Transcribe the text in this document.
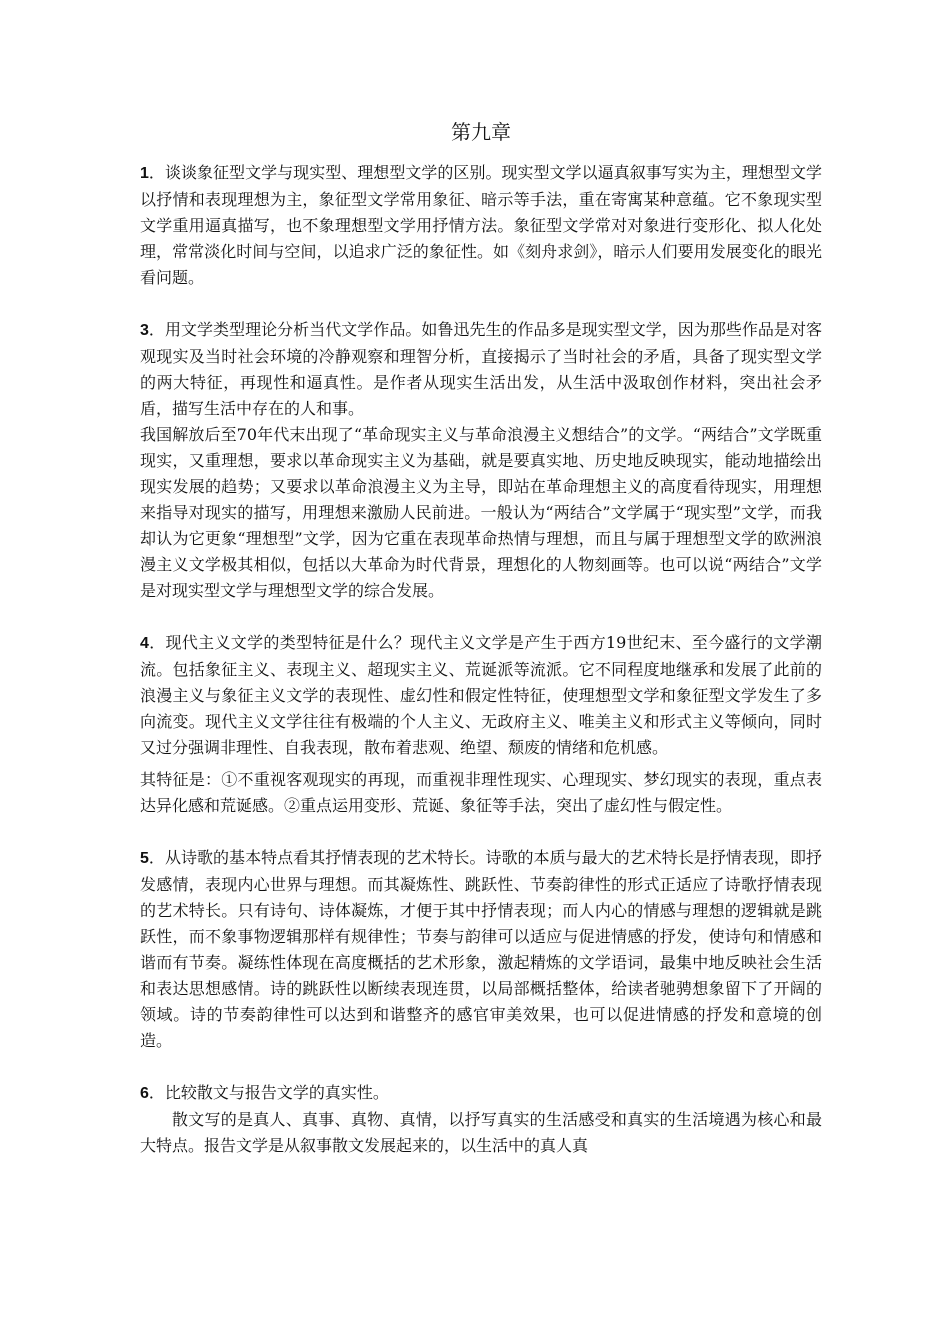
第九章

1．谈谈象征型文学与现实型、理想型文学的区别。现实型文学以逼真叙事写实为主，理想型文学以抒情和表现理想为主，象征型文学常用象征、暗示等手法，重在寄寓某种意蕴。它不象现实型文学重用逼真描写，也不象理想型文学用抒情方法。象征型文学常对对象进行变形化、拟人化处理，常常淡化时间与空间，以追求广泛的象征性。如《刻舟求剑》，暗示人们要用发展变化的眼光看问题。

3．用文学类型理论分析当代文学作品。如鲁迅先生的作品多是现实型文学，因为那些作品是对客观现实及当时社会环境的冷静观察和理智分析，直接揭示了当时社会的矛盾，具备了现实型文学的两大特征，再现性和逼真性。是作者从现实生活出发，从生活中汲取创作材料，突出社会矛盾，描写生活中存在的人和事。

我国解放后至70年代末出现了“革命现实主义与革命浪漫主义想结合”的文学。“两结合”文学既重现实，又重理想，要求以革命现实主义为基础，就是要真实地、历史地反映现实，能动地描绘出现实发展的趋势；又要求以革命浪漫主义为主导，即站在革命理想主义的高度看待现实，用理想来指导对现实的描写，用理想来激励人民前进。一般认为“两结合”文学属于“现实型”文学，而我却认为它更象“理想型”文学，因为它重在表现革命热情与理想，而且与属于理想型文学的欧洲浪漫主义文学极其相似，包括以大革命为时代背景，理想化的人物刻画等。也可以说“两结合”文学是对现实型文学与理想型文学的综合发展。

4．现代主义文学的类型特征是什么？现代主义文学是产生于西方19世纪末、至今盛行的文学潮流。包括象征主义、表现主义、超现实主义、荒诞派等流派。它不同程度地继承和发展了此前的浪漫主义与象征主义文学的表现性、虚幻性和假定性特征，使理想型文学和象征型文学发生了多向流变。现代主义文学往往有极端的个人主义、无政府主义、唯美主义和形式主义等倾向，同时又过分强调非理性、自我表现，散布着悲观、绝望、颓废的情绪和危机感。

其特征是：①不重视客观现实的再现，而重视非理性现实、心理现实、梦幻现实的表现，重点表达异化感和荒诞感。②重点运用变形、荒诞、象征等手法，突出了虚幻性与假定性。

5．从诗歌的基本特点看其抒情表现的艺术特长。诗歌的本质与最大的艺术特长是抒情表现，即抒发感情，表现内心世界与理想。而其凝炼性、跳跃性、节奏韵律性的形式正适应了诗歌抒情表现的艺术特长。只有诗句、诗体凝炼，才便于其中抒情表现；而人内心的情感与理想的逻辑就是跳跃性，而不象事物逻辑那样有规律性；节奏与韵律可以适应与促进情感的抒发，使诗句和情感和谐而有节奏。凝练性体现在高度概括的艺术形象，激起精炼的文学语词，最集中地反映社会生活和表达思想感情。诗的跳跃性以断续表现连贯，以局部概括整体，给读者驰骋想象留下了开阔的领域。诗的节奏韵律性可以达到和谐整齐的感官审美效果，也可以促进情感的抒发和意境的创造。

6．比较散文与报告文学的真实性。

散文写的是真人、真事、真物、真情，以抒写真实的生活感受和真实的生活境遇为核心和最大特点。报告文学是从叙事散文发展起来的，以生活中的真人真
